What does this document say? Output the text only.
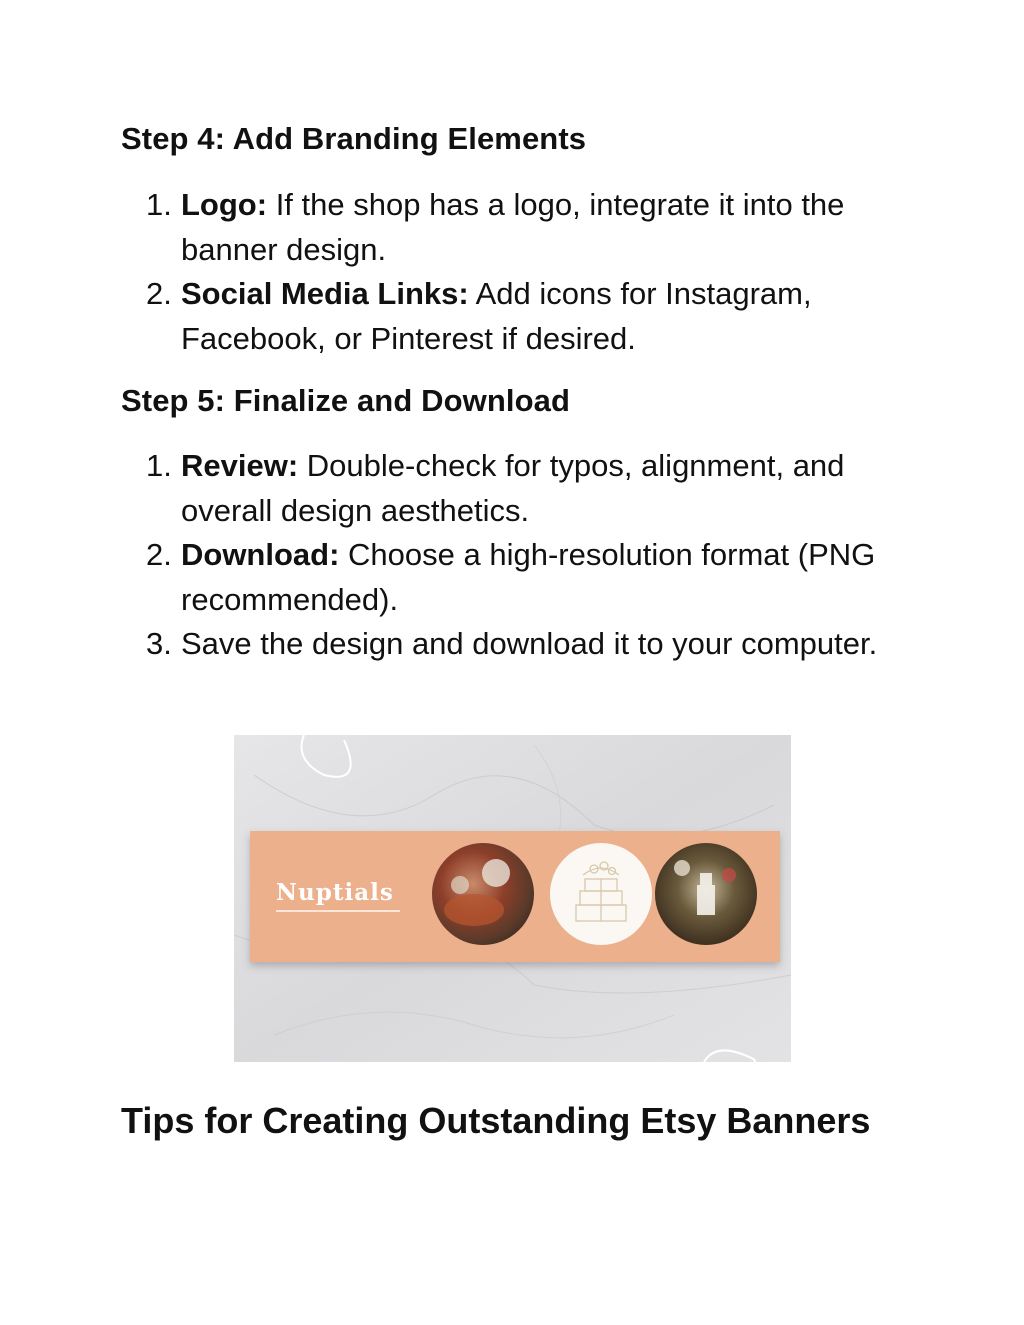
Step 4: Add Branding Elements
1. Logo: If the shop has a logo, integrate it into the banner design.
2. Social Media Links: Add icons for Instagram, Facebook, or Pinterest if desired.
Step 5: Finalize and Download
1. Review: Double-check for typos, alignment, and overall design aesthetics.
2. Download: Choose a high-resolution format (PNG recommended).
3. Save the design and download it to your computer.
Nuptials
Tips for Creating Outstanding Etsy Banners
